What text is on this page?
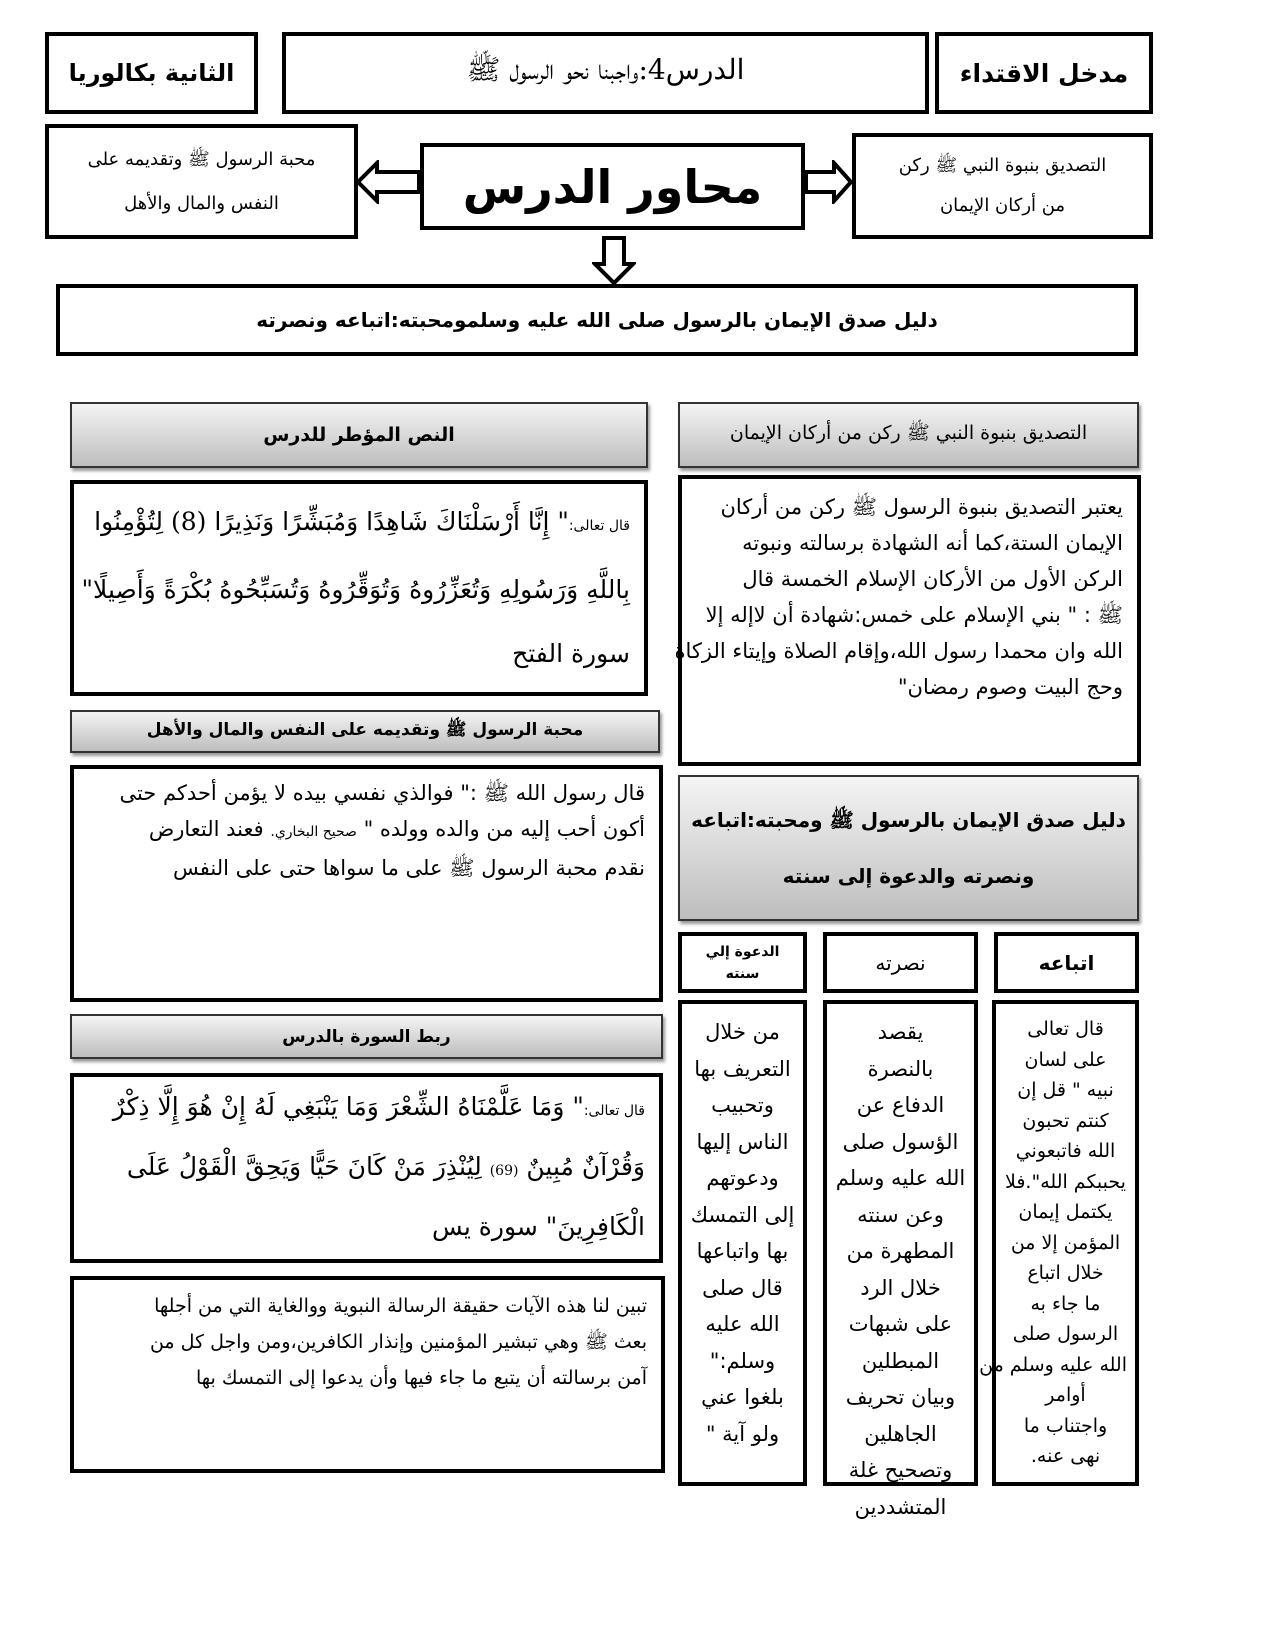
مدخل الاقتداء
الدرس4:واجبنا نحو الرسول ﷺ
الثانية بكالوريا
التصديق بنبوة النبي ﷺ ركن
من أركان الإيمان
محاور الدرس
محبة الرسول ﷺ وتقديمه على
النفس والمال والأهل
دليل صدق الإيمان بالرسول صلى الله عليه وسلمومحبته:اتباعه ونصرته
النص المؤطر للدرس
قال تعالى:" إِنَّا أَرْسَلْنَاكَ شَاهِدًا وَمُبَشِّرًا وَنَذِيرًا (8) لِتُؤْمِنُوا
بِاللَّهِ وَرَسُولِهِ وَتُعَزِّرُوهُ وَتُوَقِّرُوهُ وَتُسَبِّحُوهُ بُكْرَةً وَأَصِيلًا"
سورة الفتح
محبة الرسول ﷺ وتقديمه على النفس والمال والأهل
قال رسول الله ﷺ :" فوالذي نفسي بيده لا يؤمن أحدكم حتى
أكون أحب إليه من والده وولده " صحيح البخاري. فعند التعارض
نقدم محبة الرسول ﷺ على ما سواها حتى على النفس
ربط السورة بالدرس
قال تعالى:" وَمَا عَلَّمْنَاهُ الشِّعْرَ وَمَا يَنْبَغِي لَهُ إِنْ هُوَ إِلَّا ذِكْرٌ
وَقُرْآنٌ مُبِينٌ (69) لِيُنْذِرَ مَنْ كَانَ حَيًّا وَيَحِقَّ الْقَوْلُ عَلَى
الْكَافِرِينَ" سورة يس
تبين لنا هذه الآيات حقيقة الرسالة النبوية ووالغاية التي من أجلها
بعث ﷺ وهي تبشير المؤمنين وإنذار الكافرين،ومن واجل كل من
آمن برسالته أن يتبع ما جاء فيها وأن يدعوا إلى التمسك بها
التصديق بنبوة النبي ﷺ ركن من أركان الإيمان
يعتبر التصديق بنبوة الرسول ﷺ ركن من أركان
الإيمان الستة،كما أنه الشهادة برسالته ونبوته
الركن الأول من الأركان الإسلام الخمسة قال
ﷺ : " بني الإسلام على خمس:شهادة أن لاإله إلا
الله وان محمدا رسول الله،وإقام الصلاة وإيتاء الزكاة
وحج البيت وصوم رمضان"
دليل صدق الإيمان بالرسول ﷺ ومحبته:اتباعه
ونصرته والدعوة إلى سنته
اتباعه
نصرته
الدعوة إلي سنته
قال تعالى
على لسان
نبيه " قل إن
كنتم تحبون
الله فاتبعوني
يحببكم الله".فلا
يكتمل إيمان
المؤمن إلا من
خلال اتباع
ما جاء به
الرسول صلى
الله عليه وسلم من
أوامر
واجتناب ما
نهى عنه.
يقصد
بالنصرة
الدفاع عن
الؤسول صلى
الله عليه وسلم
وعن سنته
المطهرة من
خلال الرد
على شبهات
المبطلين
وبيان تحريف
الجاهلين
وتصحيح غلة
المتشددين
من خلال
التعريف بها
وتحبيب
الناس إليها
ودعوتهم
إلى التمسك
بها واتباعها
قال صلى
الله عليه
وسلم:"
بلغوا عني
ولو آية "
